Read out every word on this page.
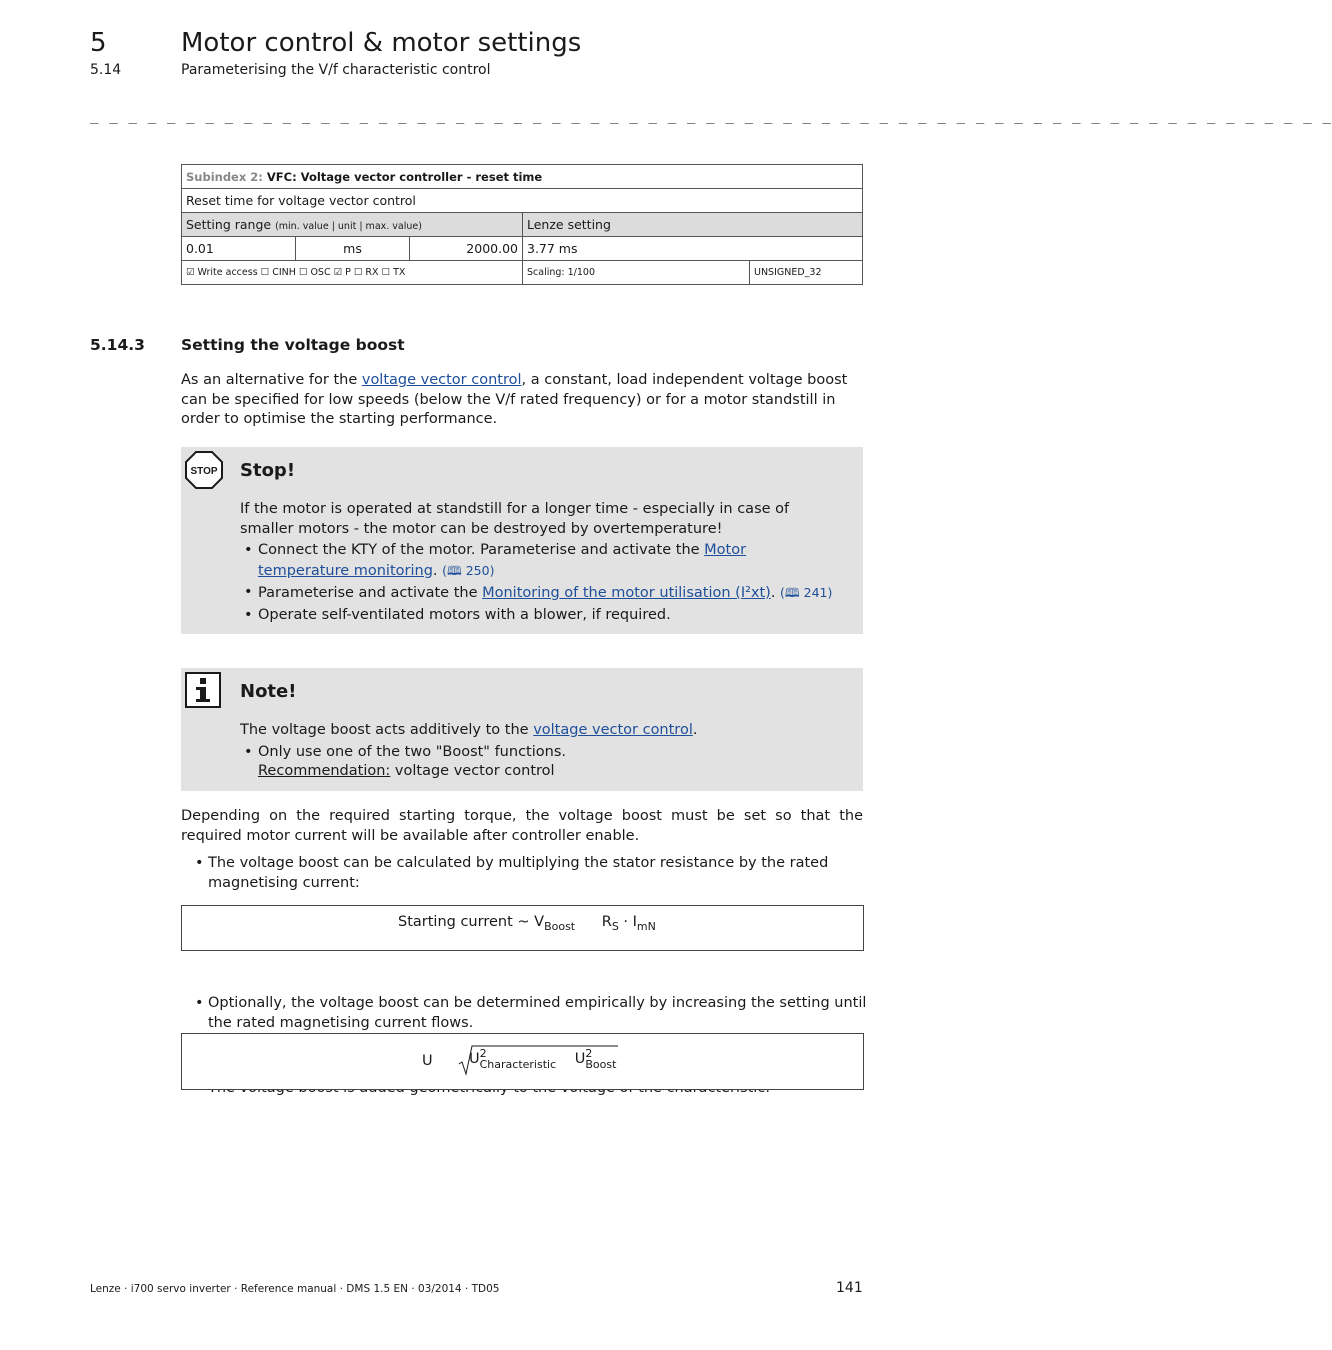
5	Motor control & motor settings
5.14	Parameterising the V/f characteristic control
_ _ _ _ _ _ _ _ _ _ _ _ _ _ _ _ _ _ _ _ _ _ _ _ _ _ _ _ _ _ _ _ _ _ _ _ _ _ _ _ _ _ _ _ _ _ _ _ _ _ _ _ _ _ _ _ _ _ _ _ _ _ _ _ _
Subindex 2: VFC: Voltage vector controller - reset time				
Reset time for voltage vector control				
Setting range (min. value | unit | max. value)			Lenze setting	
0.01	ms	2000.00	3.77 ms	
☑ Write access ☐ CINH ☐ OSC ☑ P ☐ RX ☐ TX			Scaling: 1/100	UNSIGNED_32
5.14.3 Setting the voltage boost
As an alternative for the voltage vector control, a constant, load independent voltage boost can be specified for low speeds (below the V/f rated frequency) or for a motor standstill in order to optimise the starting performance.
STOP Stop!
If the motor is operated at standstill for a longer time - especially in case of smaller motors - the motor can be destroyed by overtemperature!
• Connect the KTY of the motor. Parameterise and activate the Motor temperature monitoring. (🕮 250)
• Parameterise and activate the Monitoring of the motor utilisation (I²xt). (🕮 241)
• Operate self-ventilated motors with a blower, if required.
Note!
The voltage boost acts additively to the voltage vector control.
• Only use one of the two "Boost" functions.
Recommendation: voltage vector control
Depending on the required starting torque, the voltage boost must be set so that the required motor current will be available after controller enable.
• The voltage boost can be calculated by multiplying the stator resistance by the rated magnetising current:
Starting current ~ $V_{Boost}$ $R_S \cdot I_{mN}$
• Optionally, the voltage boost can be determined empirically by increasing the setting until the rated magnetising current flows.
U	U 2
Characteristic U 2
Boost
Lenze · i700 servo inverter · Reference manual · DMS 1.5 EN · 03/2014 · TD05	141
